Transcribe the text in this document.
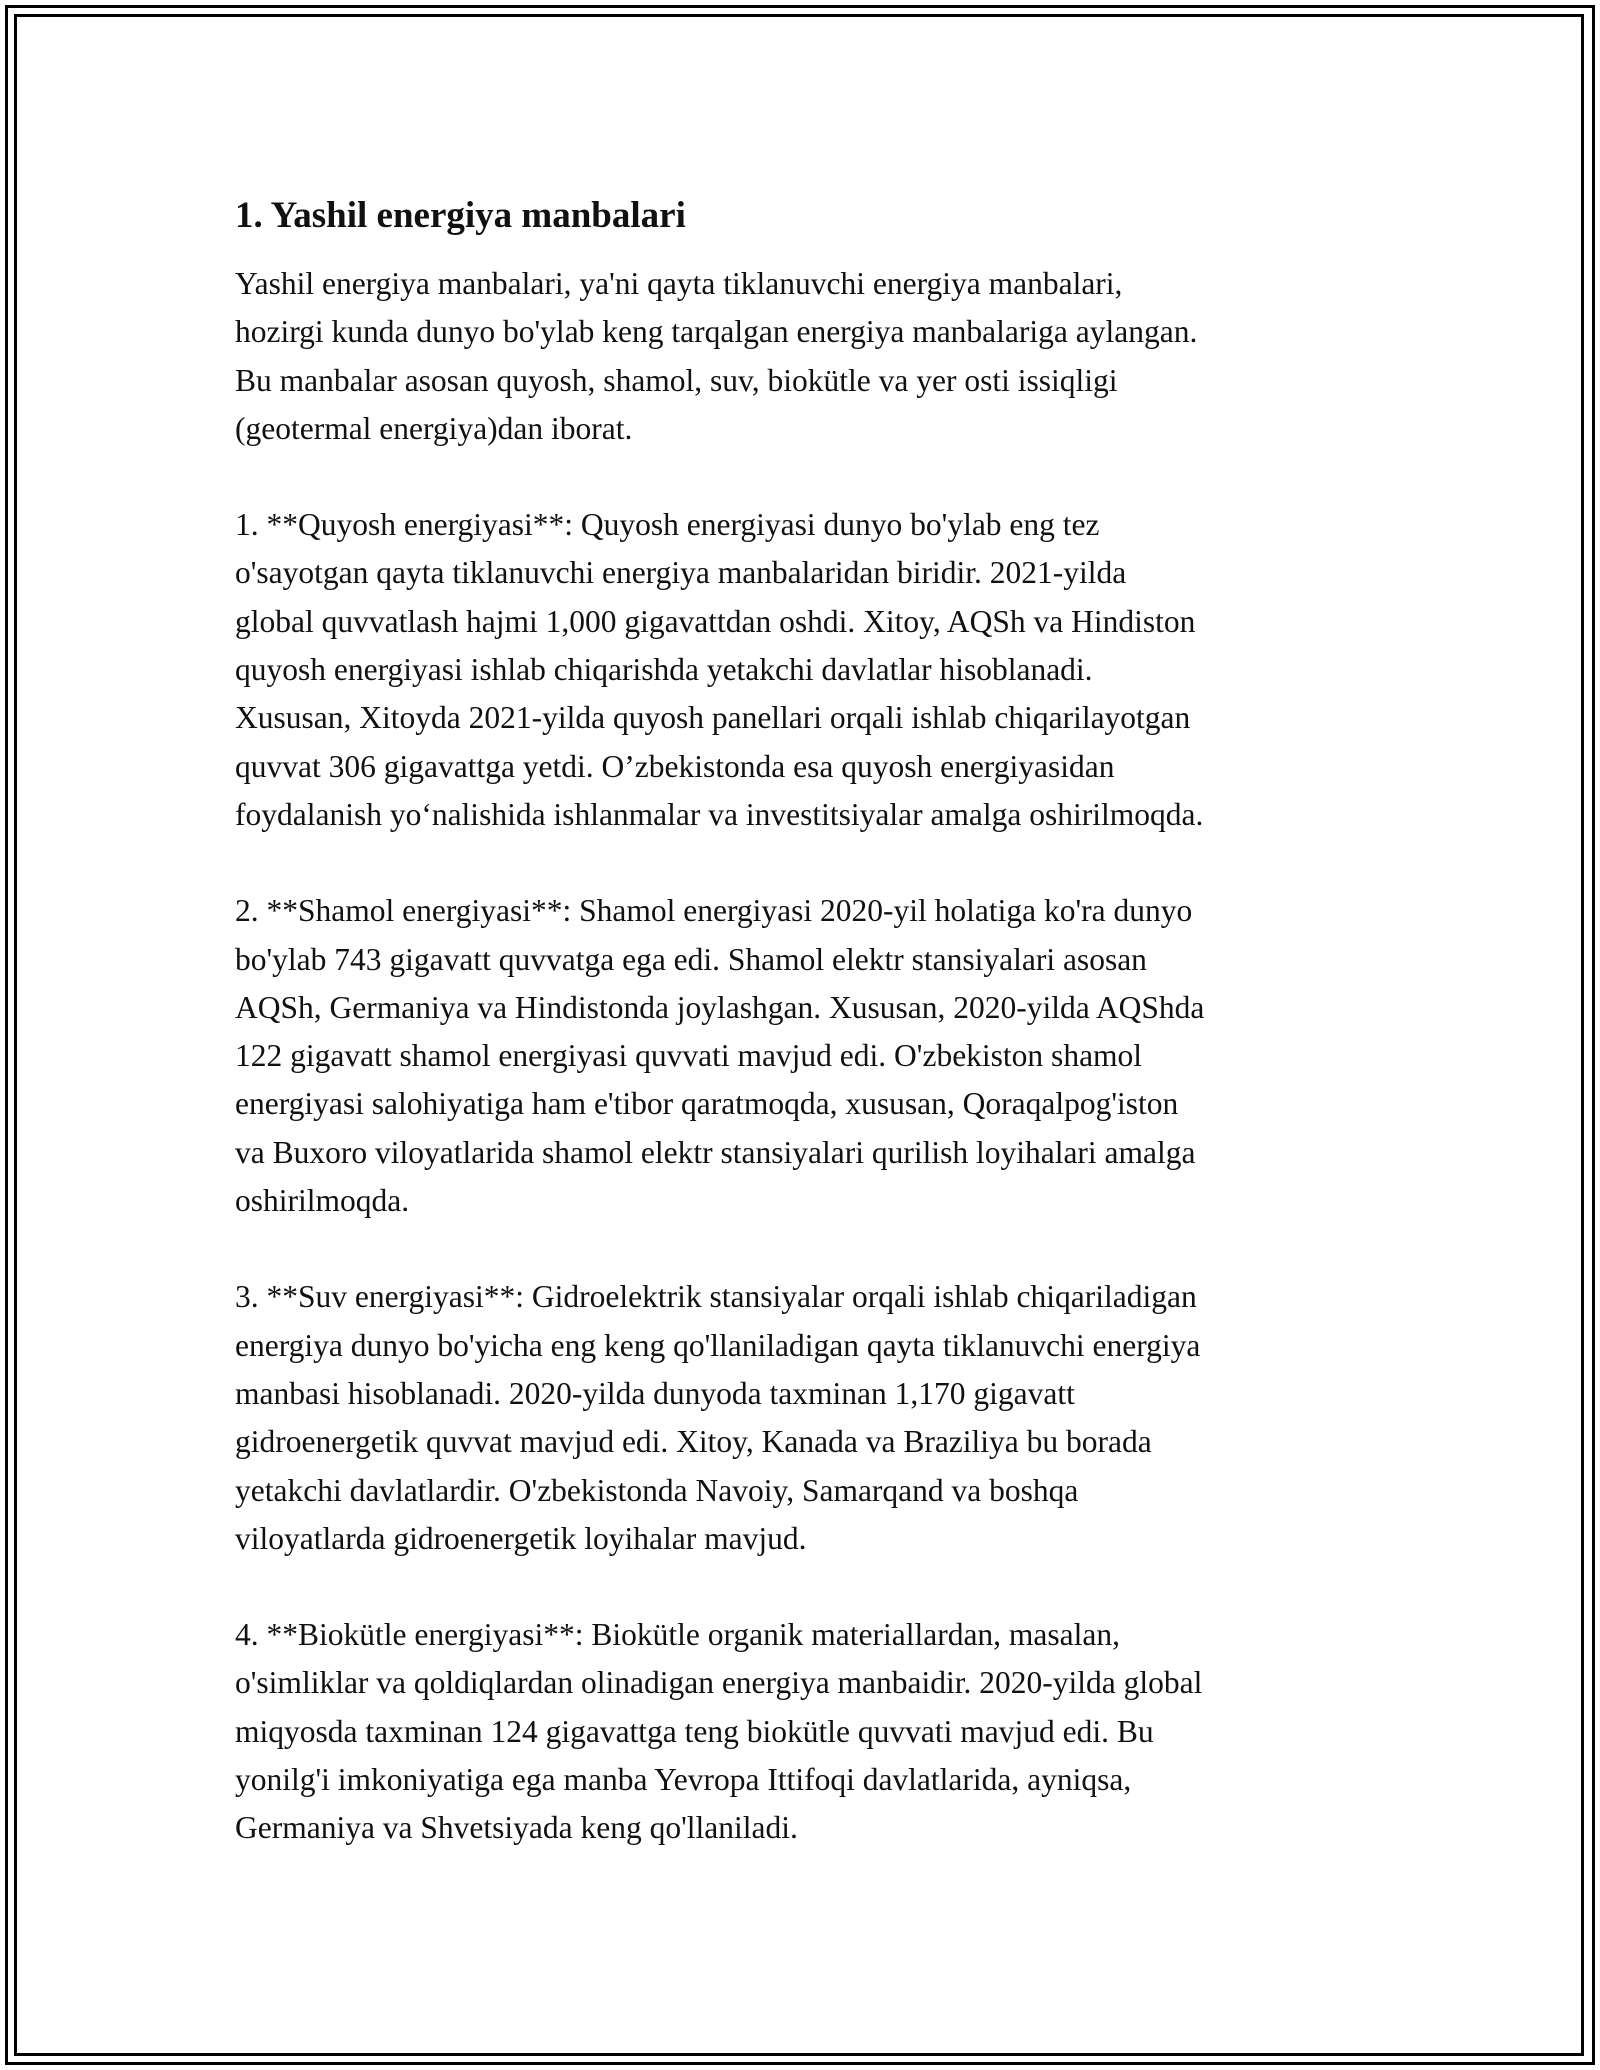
1. Yashil energiya manbalari

Yashil energiya manbalari, ya'ni qayta tiklanuvchi energiya manbalari,
hozirgi kunda dunyo bo'ylab keng tarqalgan energiya manbalariga aylangan.
Bu manbalar asosan quyosh, shamol, suv, biokütle va yer osti issiqligi
(geotermal energiya)dan iborat.

1. **Quyosh energiyasi**: Quyosh energiyasi dunyo bo'ylab eng tez
o'sayotgan qayta tiklanuvchi energiya manbalaridan biridir. 2021-yilda
global quvvatlash hajmi 1,000 gigavattdan oshdi. Xitoy, AQSh va Hindiston
quyosh energiyasi ishlab chiqarishda yetakchi davlatlar hisoblanadi.
Xususan, Xitoyda 2021-yilda quyosh panellari orqali ishlab chiqarilayotgan
quvvat 306 gigavattga yetdi. O’zbekistonda esa quyosh energiyasidan
foydalanish yo‘nalishida ishlanmalar va investitsiyalar amalga oshirilmoqda.

2. **Shamol energiyasi**: Shamol energiyasi 2020-yil holatiga ko'ra dunyo
bo'ylab 743 gigavatt quvvatga ega edi. Shamol elektr stansiyalari asosan
AQSh, Germaniya va Hindistonda joylashgan. Xususan, 2020-yilda AQShda
122 gigavatt shamol energiyasi quvvati mavjud edi. O'zbekiston shamol
energiyasi salohiyatiga ham e'tibor qaratmoqda, xususan, Qoraqalpog'iston
va Buxoro viloyatlarida shamol elektr stansiyalari qurilish loyihalari amalga
oshirilmoqda.

3. **Suv energiyasi**: Gidroelektrik stansiyalar orqali ishlab chiqariladigan
energiya dunyo bo'yicha eng keng qo'llaniladigan qayta tiklanuvchi energiya
manbasi hisoblanadi. 2020-yilda dunyoda taxminan 1,170 gigavatt
gidroenergetik quvvat mavjud edi. Xitoy, Kanada va Braziliya bu borada
yetakchi davlatlardir. O'zbekistonda Navoiy, Samarqand va boshqa
viloyatlarda gidroenergetik loyihalar mavjud.

4. **Biokütle energiyasi**: Biokütle organik materiallardan, masalan,
o'simliklar va qoldiqlardan olinadigan energiya manbaidir. 2020-yilda global
miqyosda taxminan 124 gigavattga teng biokütle quvvati mavjud edi. Bu
yonilg'i imkoniyatiga ega manba Yevropa Ittifoqi davlatlarida, ayniqsa,
Germaniya va Shvetsiyada keng qo'llaniladi.
